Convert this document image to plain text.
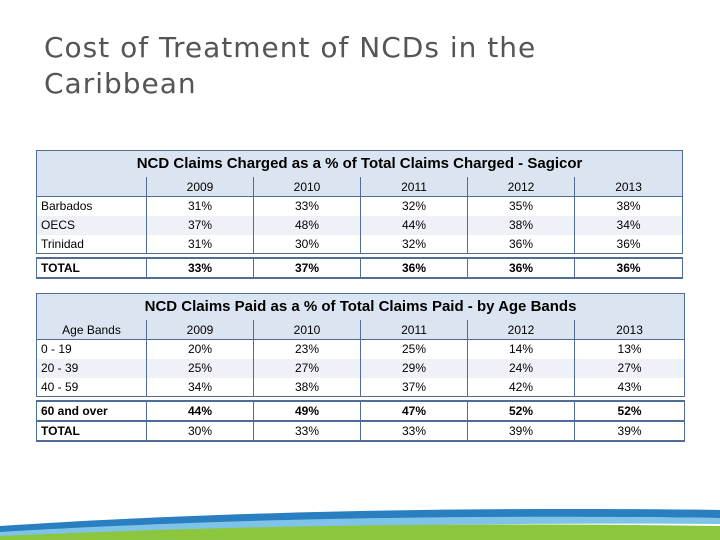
Cost of Treatment of NCDs in the Caribbean
NCD Claims Charged as a % of Total Claims Charged - Sagicor					
	2009	2010	2011	2012	2013
Barbados	31%	33%	32%	35%	38%
OECS	37%	48%	44%	38%	34%
Trinidad	31%	30%	32%	36%	36%

TOTAL	33%	37%	36%	36%	36%
NCD Claims Paid as a % of Total Claims Paid - by Age Bands					
Age Bands	2009	2010	2011	2012	2013
0 - 19	20%	23%	25%	14%	13%
20 - 39	25%	27%	29%	24%	27%
40 - 59	34%	38%	37%	42%	43%

60 and over	44%	49%	47%	52%	52%
TOTAL	30%	33%	33%	39%	39%
